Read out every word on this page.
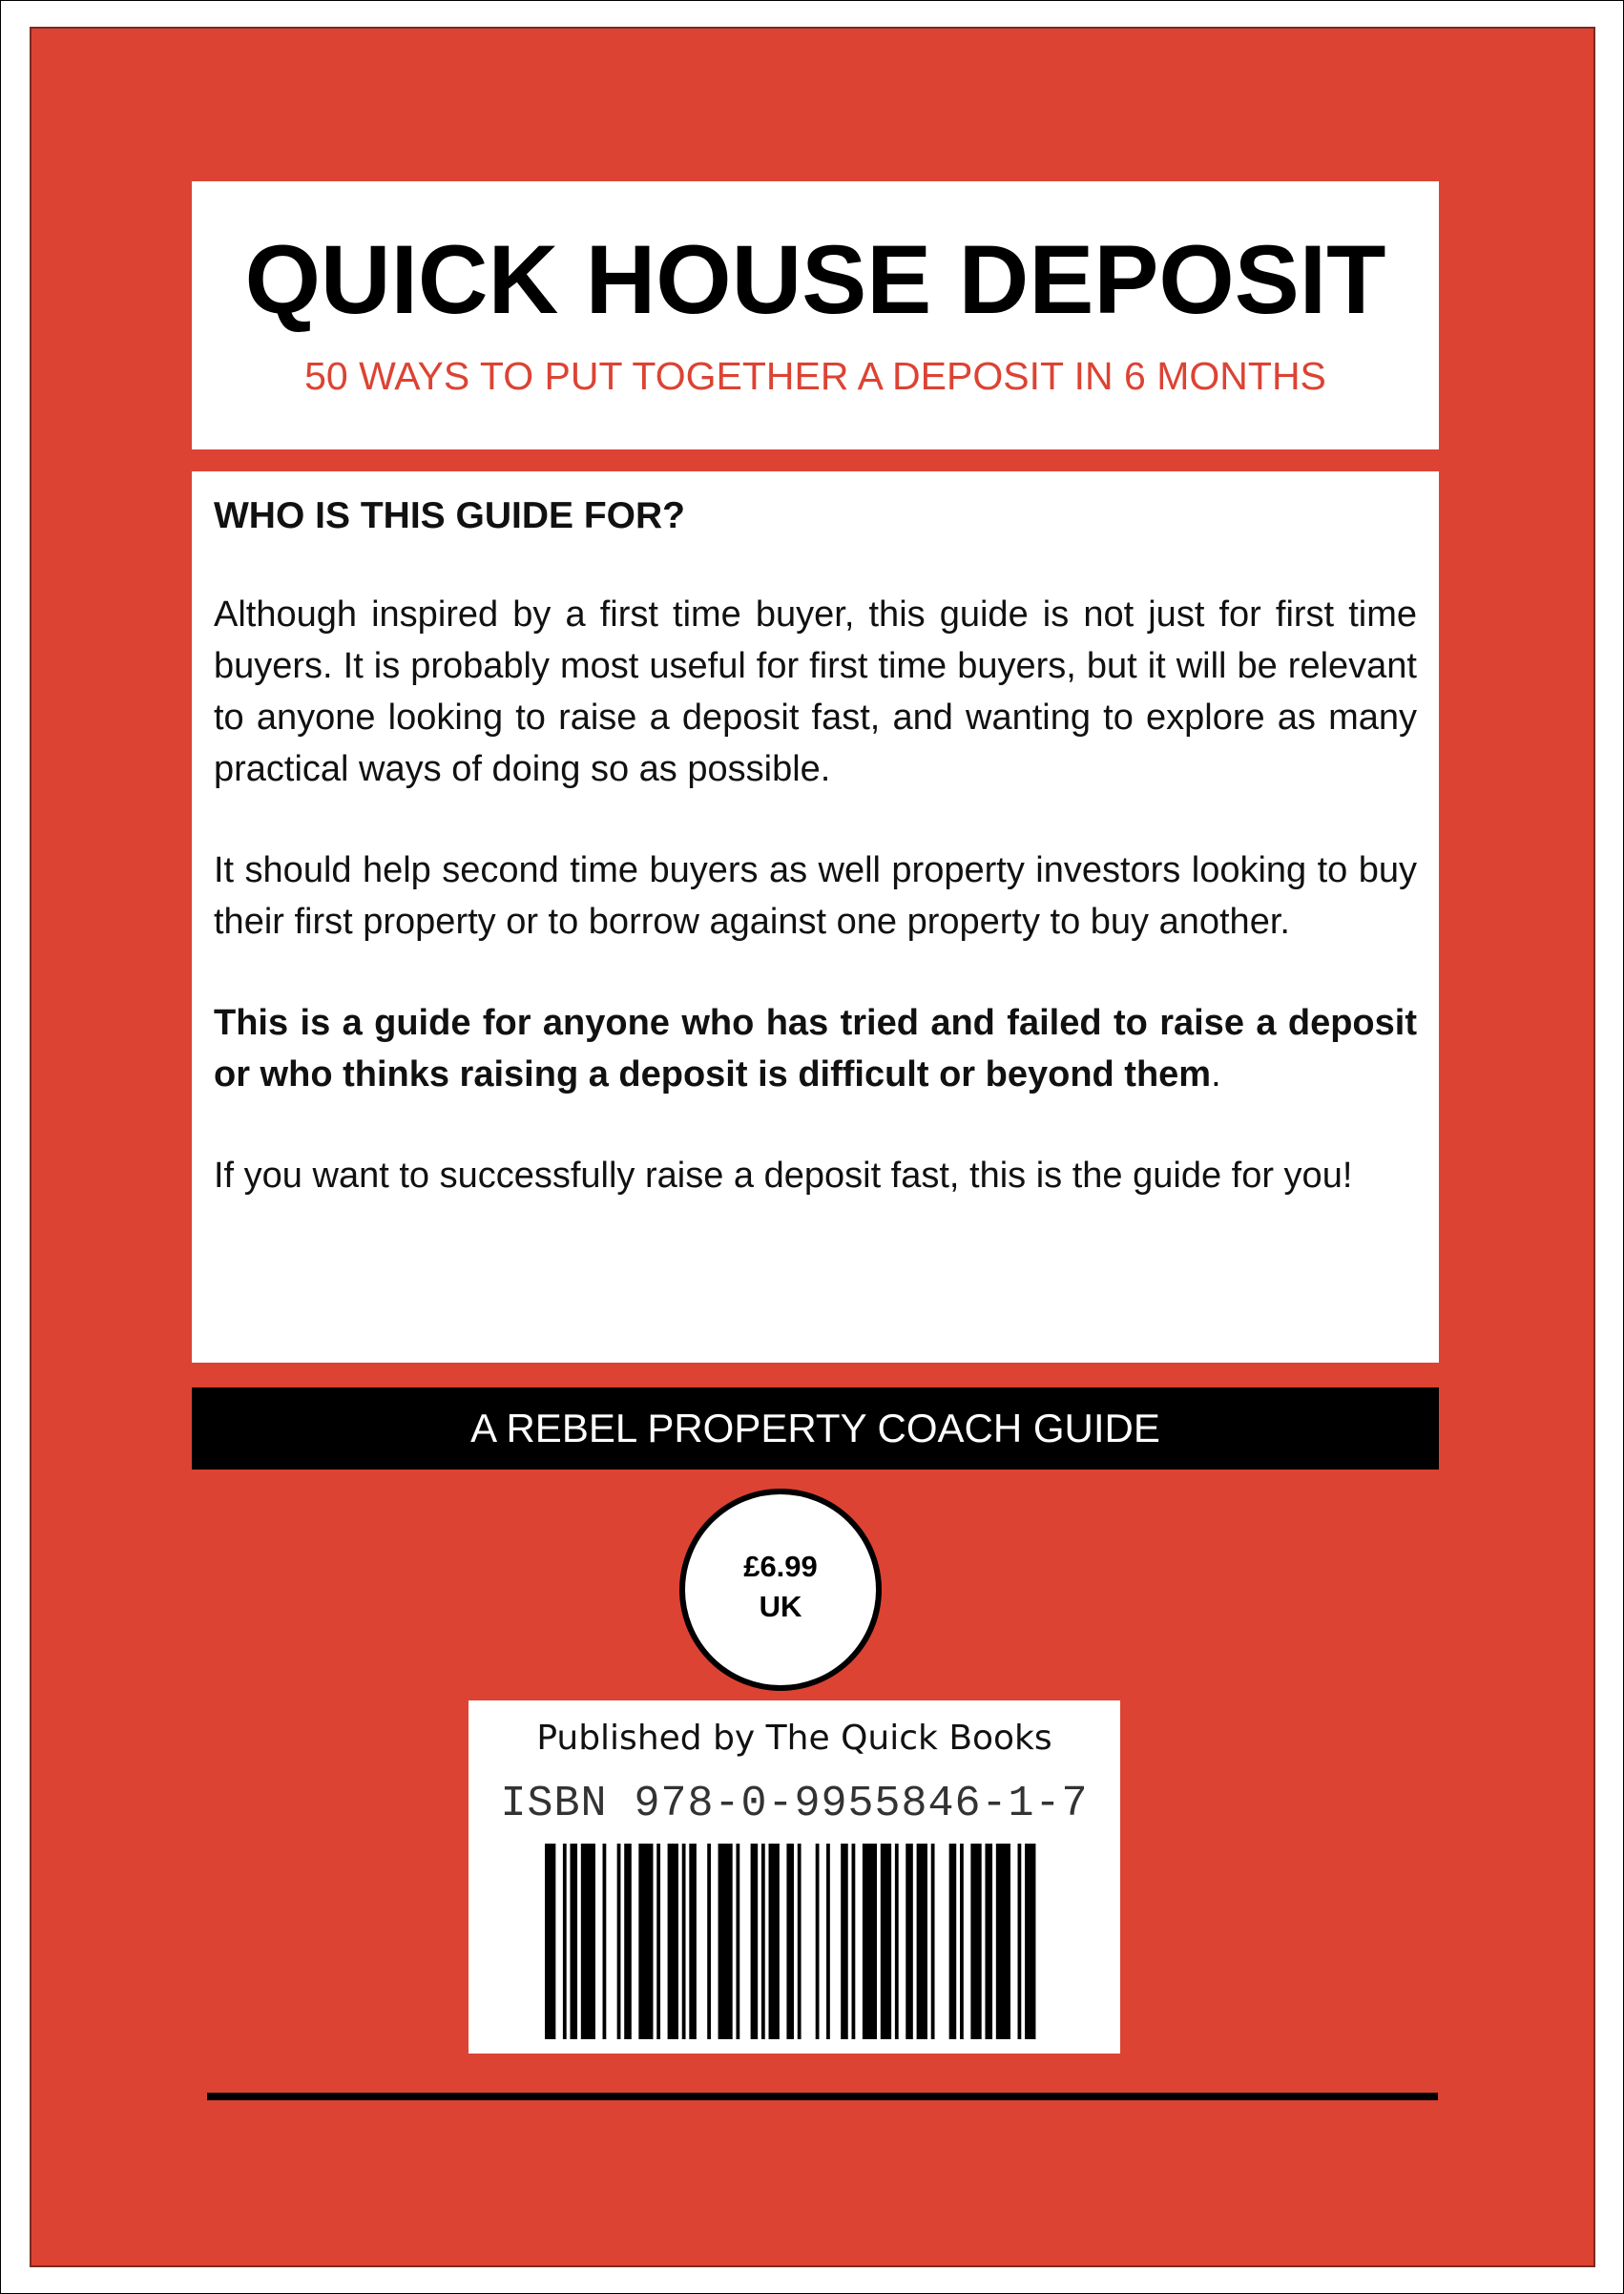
QUICK HOUSE DEPOSIT

50 WAYS TO PUT TOGETHER A DEPOSIT IN 6 MONTHS

WHO IS THIS GUIDE FOR?

Although inspired by a first time buyer, this guide is not just for first time buyers. It is probably most useful for first time buyers, but it will be relevant to anyone looking to raise a deposit fast, and wanting to explore as many practical ways of doing so as possible.

It should help second time buyers as well property investors looking to buy their first property or to borrow against one property to buy another.

This is a guide for anyone who has tried and failed to raise a deposit or who thinks raising a deposit is difficult or beyond them.

If you want to successfully raise a deposit fast, this is the guide for you!

A REBEL PROPERTY COACH GUIDE
£6.99
UK
Published by The Quick Books
ISBN 978-0-9955846-1-7
